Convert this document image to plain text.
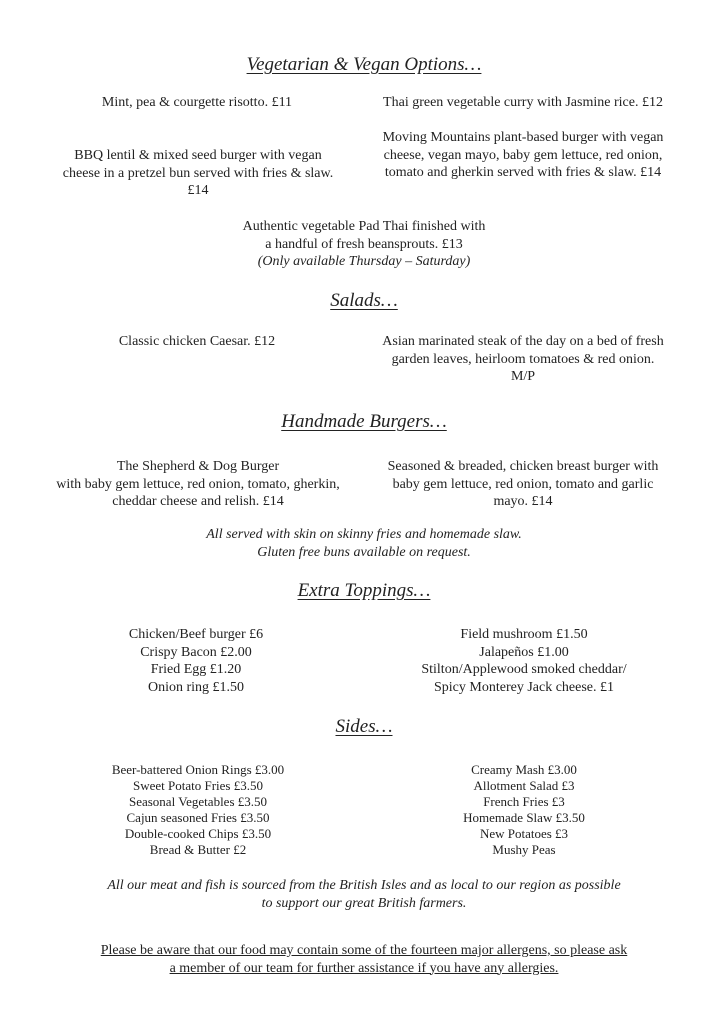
Vegetarian & Vegan Options…
Mint, pea & courgette risotto. £11	Thai green vegetable curry with Jasmine rice. £12
Moving Mountains plant-based burger with vegan
cheese, vegan mayo, baby gem lettuce, red onion,
tomato and gherkin served with fries & slaw. £14
BBQ lentil & mixed seed burger with vegan
cheese in a pretzel bun served with fries & slaw.
£14
Authentic vegetable Pad Thai finished with
a handful of fresh beansprouts. £13
(Only available Thursday – Saturday)
Salads…
Classic chicken Caesar. £12	Asian marinated steak of the day on a bed of fresh
garden leaves, heirloom tomatoes & red onion.
M/P
Handmade Burgers…
The Shepherd & Dog Burger
with baby gem lettuce, red onion, tomato, gherkin,
cheddar cheese and relish. £14
Seasoned & breaded, chicken breast burger with
baby gem lettuce, red onion, tomato and garlic
mayo. £14
All served with skin on skinny fries and homemade slaw.
Gluten free buns available on request.
Extra Toppings…
Chicken/Beef burger £6
Crispy Bacon £2.00
Fried Egg £1.20
Onion ring £1.50
Field mushroom £1.50
Jalapeños £1.00
Stilton/Applewood smoked cheddar/
Spicy Monterey Jack cheese. £1
Sides…
Beer-battered Onion Rings £3.00
Sweet Potato Fries £3.50
Seasonal Vegetables £3.50
Cajun seasoned Fries £3.50
Double-cooked Chips £3.50
Bread & Butter £2
Creamy Mash £3.00
Allotment Salad £3
French Fries £3
Homemade Slaw £3.50
New Potatoes £3
Mushy Peas
All our meat and fish is sourced from the British Isles and as local to our region as possible
to support our great British farmers.
Please be aware that our food may contain some of the fourteen major allergens, so please ask
a member of our team for further assistance if you have any allergies.
